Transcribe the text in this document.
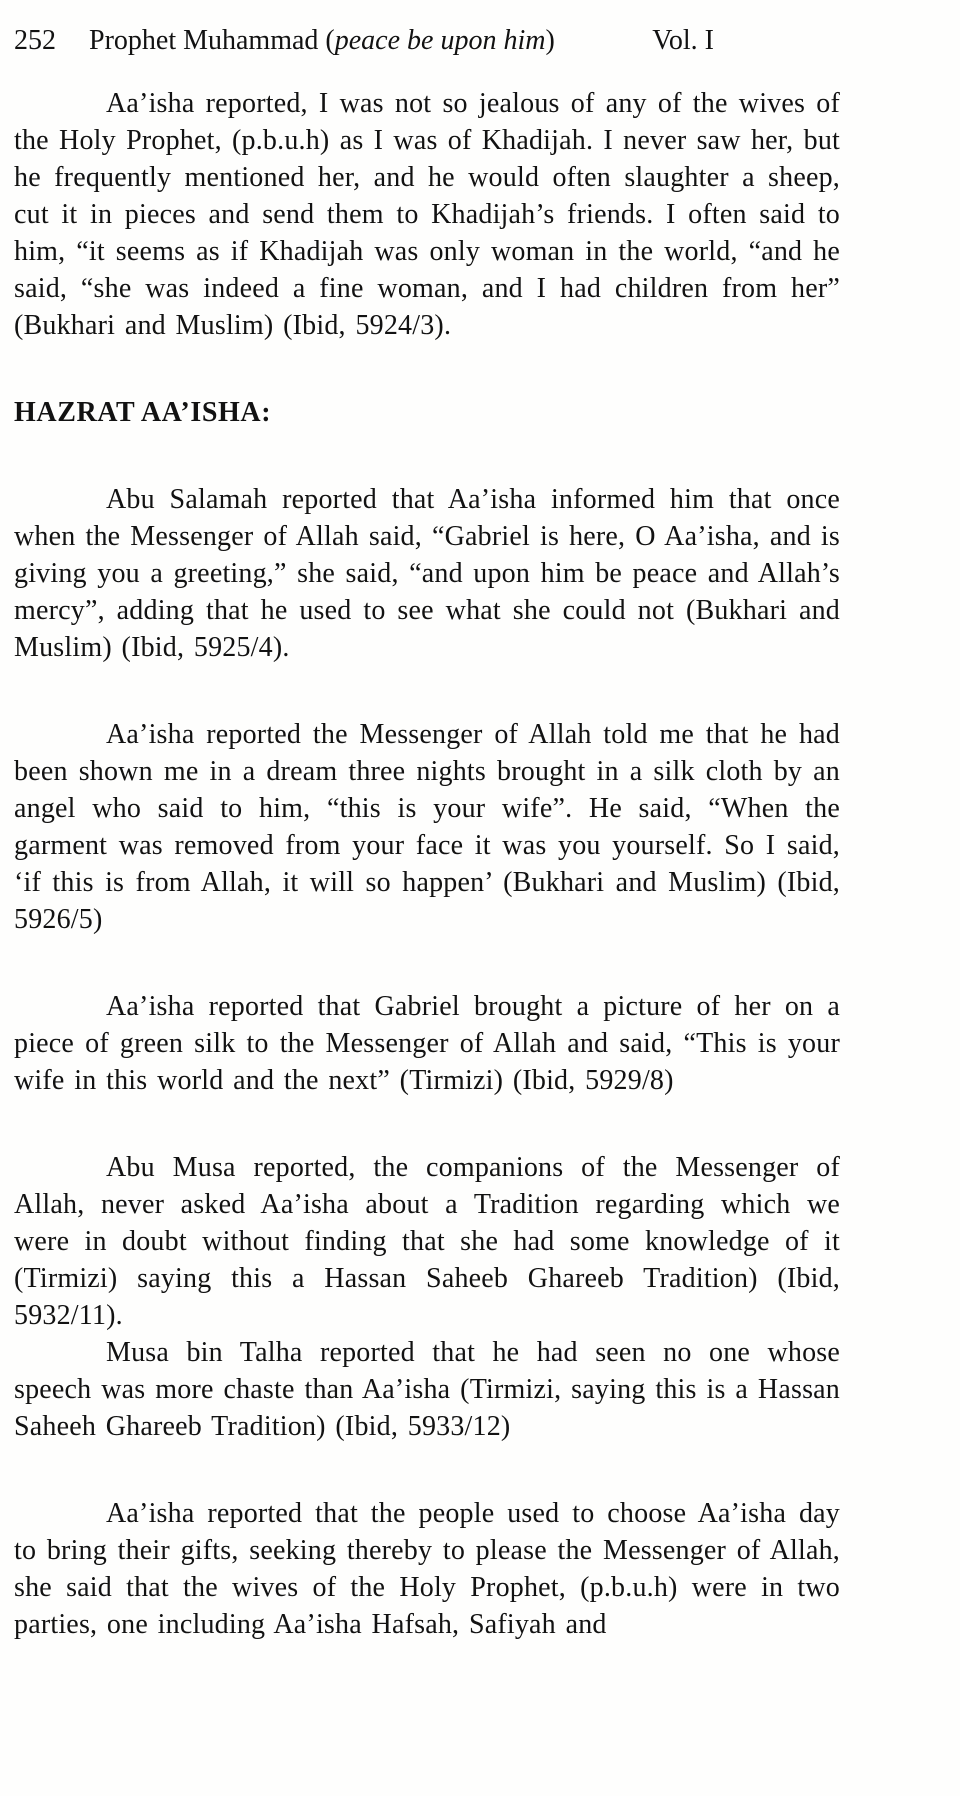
252 Prophet Muhammad (peace be upon him)	Vol. I

Aa’isha reported, I was not so jealous of any of the wives of the Holy Prophet, (p.b.u.h) as I was of Khadijah. I never saw her, but he frequently mentioned her, and he would often slaughter a sheep, cut it in pieces and send them to Khadijah’s friends. I often said to him, “it seems as if Khadijah was only woman in the world, “and he said, “she was indeed a fine woman, and I had children from her” (Bukhari and Muslim) (Ibid, 5924/3).

HAZRAT AA’ISHA:

Abu Salamah reported that Aa’isha informed him that once when the Messenger of Allah said, “Gabriel is here, O Aa’isha, and is giving you a greeting,” she said, “and upon him be peace and Allah’s mercy”, adding that he used to see what she could not (Bukhari and Muslim) (Ibid, 5925/4).

Aa’isha reported the Messenger of Allah told me that he had been shown me in a dream three nights brought in a silk cloth by an angel who said to him, “this is your wife”. He said, “When the garment was removed from your face it was you yourself. So I said, ‘if this is from Allah, it will so happen’ (Bukhari and Muslim) (Ibid, 5926/5)

Aa’isha reported that Gabriel brought a picture of her on a piece of green silk to the Messenger of Allah and said, “This is your wife in this world and the next” (Tirmizi) (Ibid, 5929/8)

Abu Musa reported, the companions of the Messenger of Allah, never asked Aa’isha about a Tradition regarding which we were in doubt without finding that she had some knowledge of it (Tirmizi) saying this a Hassan Saheeb Ghareeb Tradition) (Ibid, 5932/11).

Musa bin Talha reported that he had seen no one whose speech was more chaste than Aa’isha (Tirmizi, saying this is a Hassan Saheeh Ghareeb Tradition) (Ibid, 5933/12)

Aa’isha reported that the people used to choose Aa’isha day to bring their gifts, seeking thereby to please the Messenger of Allah, she said that the wives of the Holy Prophet, (p.b.u.h) were in two parties, one including Aa’isha Hafsah, Safiyah and
